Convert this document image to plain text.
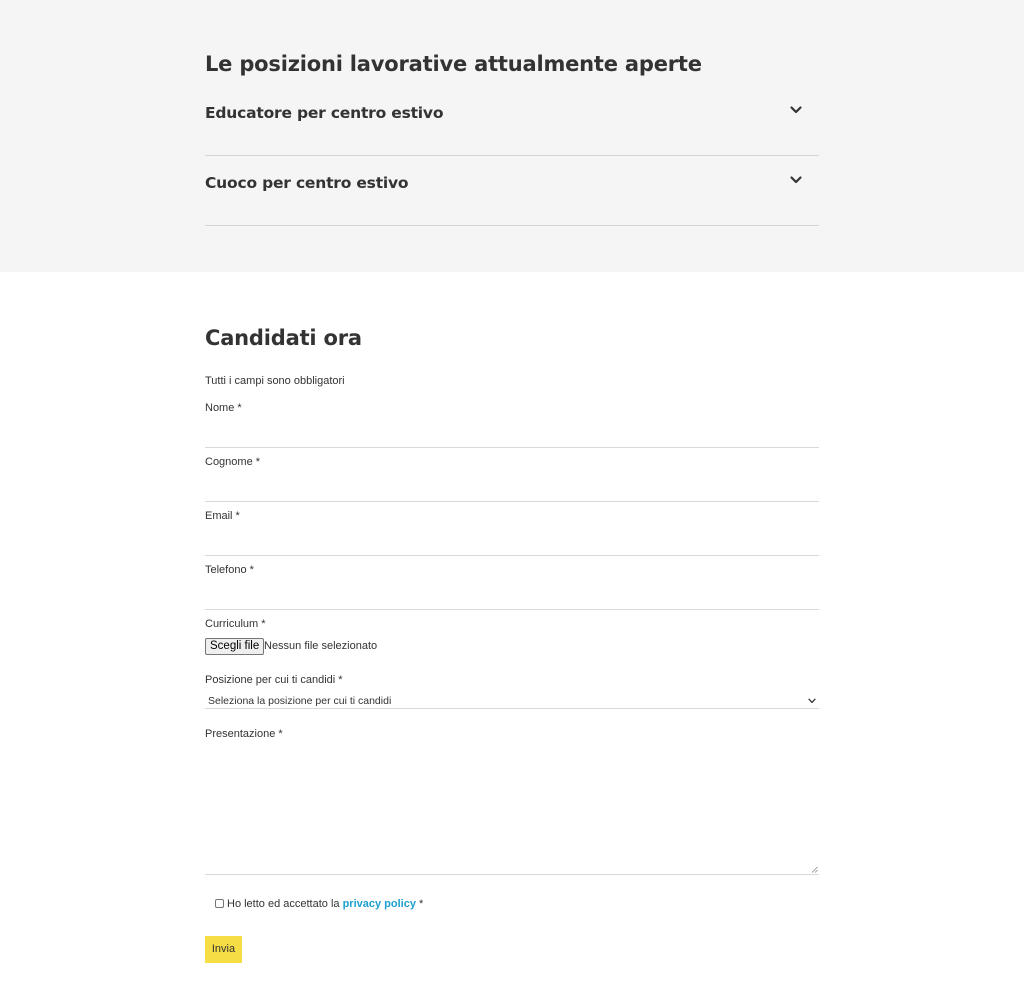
Le posizioni lavorative attualmente aperte
Educatore per centro estivo
Cuoco per centro estivo
Candidati ora

Tutti i campi sono obbligatori

Nome *
Cognome *
Email *
Telefono *
Curriculum *
Scegli file Nessun file selezionato
Posizione per cui ti candidi *
Seleziona la posizione per cui ti candidi
Presentazione *
Ho letto ed accettato la privacy policy *
Invia
